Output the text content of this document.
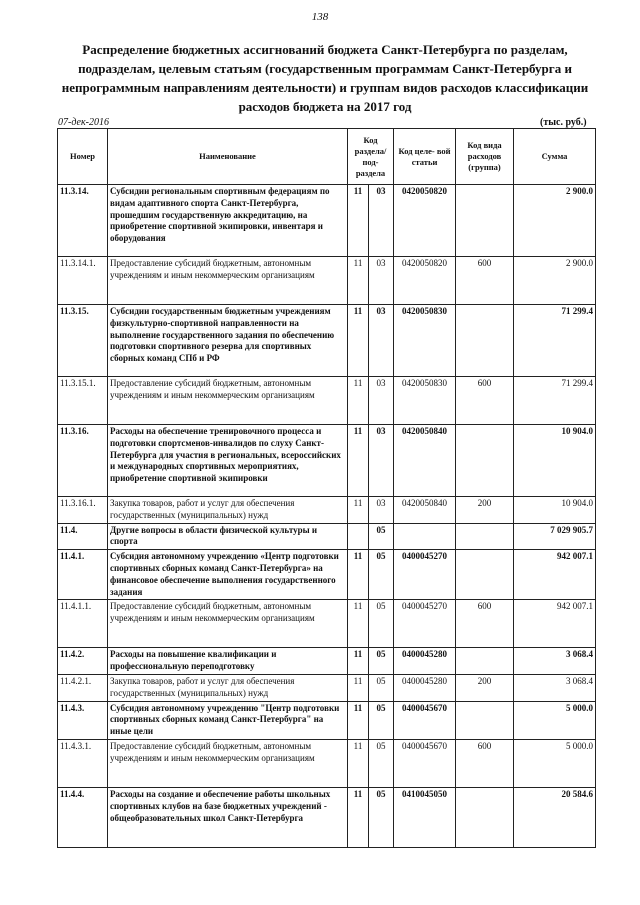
138
Распределение бюджетных ассигнований бюджета Санкт-Петербурга по разделам,
подразделам, целевым статьям (государственным программам Санкт-Петербурга и
непрограммным направлениям деятельности) и группам видов расходов классификации
расходов бюджета на 2017 год
07-дек-2016	(тыс. руб.)
Номер	Наименование	Код раздела/ под- раздела		Код целе- вой статьи	Код вида расходов (группа)	Сумма
11.3.14.	Субсидии региональным спортивным федерациям по видам адаптивного спорта Санкт-Петербурга, прошедшим государственную аккредитацию, на приобретение спортивной экипировки, инвентаря и оборудования	11	03	0420050820		2 900.0
11.3.14.1.	Предоставление субсидий бюджетным, автономным учреждениям и иным некоммерческим организациям	11	03	0420050820	600	2 900.0
11.3.15.	Субсидии государственным бюджетным учреждениям физкультурно-спортивной направленности на выполнение государственного задания по обеспечению подготовки спортивного резерва для спортивных сборных команд СПб и РФ	11	03	0420050830		71 299.4
11.3.15.1.	Предоставление субсидий бюджетным, автономным учреждениям и иным некоммерческим организациям	11	03	0420050830	600	71 299.4
11.3.16.	Расходы на обеспечение тренировочного процесса и подготовки спортсменов-инвалидов по слуху Санкт-Петербурга для участия в региональных, всероссийских и международных спортивных мероприятиях, приобретение спортивной экипировки	11	03	0420050840		10 904.0
11.3.16.1.	Закупка товаров, работ и услуг для обеспечения государственных (муниципальных) нужд	11	03	0420050840	200	10 904.0
11.4.	Другие вопросы в области физической культуры и спорта		05			7 029 905.7
11.4.1.	Субсидия автономному учреждению «Центр подготовки спортивных сборных команд Санкт-Петербурга» на финансовое обеспечение выполнения государственного задания	11	05	0400045270		942 007.1
11.4.1.1.	Предоставление субсидий бюджетным, автономным учреждениям и иным некоммерческим организациям	11	05	0400045270	600	942 007.1
11.4.2.	Расходы на повышение квалификации и профессиональную переподготовку	11	05	0400045280		3 068.4
11.4.2.1.	Закупка товаров, работ и услуг для обеспечения государственных (муниципальных) нужд	11	05	0400045280	200	3 068.4
11.4.3.	Субсидия автономному учреждению "Центр подготовки спортивных сборных команд Санкт-Петербурга" на иные цели	11	05	0400045670		5 000.0
11.4.3.1.	Предоставление субсидий бюджетным, автономным учреждениям и иным некоммерческим организациям	11	05	0400045670	600	5 000.0
11.4.4.	Расходы на создание и обеспечение работы школьных спортивных клубов на базе бюджетных учреждений - общеобразовательных школ Санкт-Петербурга	11	05	0410045050		20 584.6
